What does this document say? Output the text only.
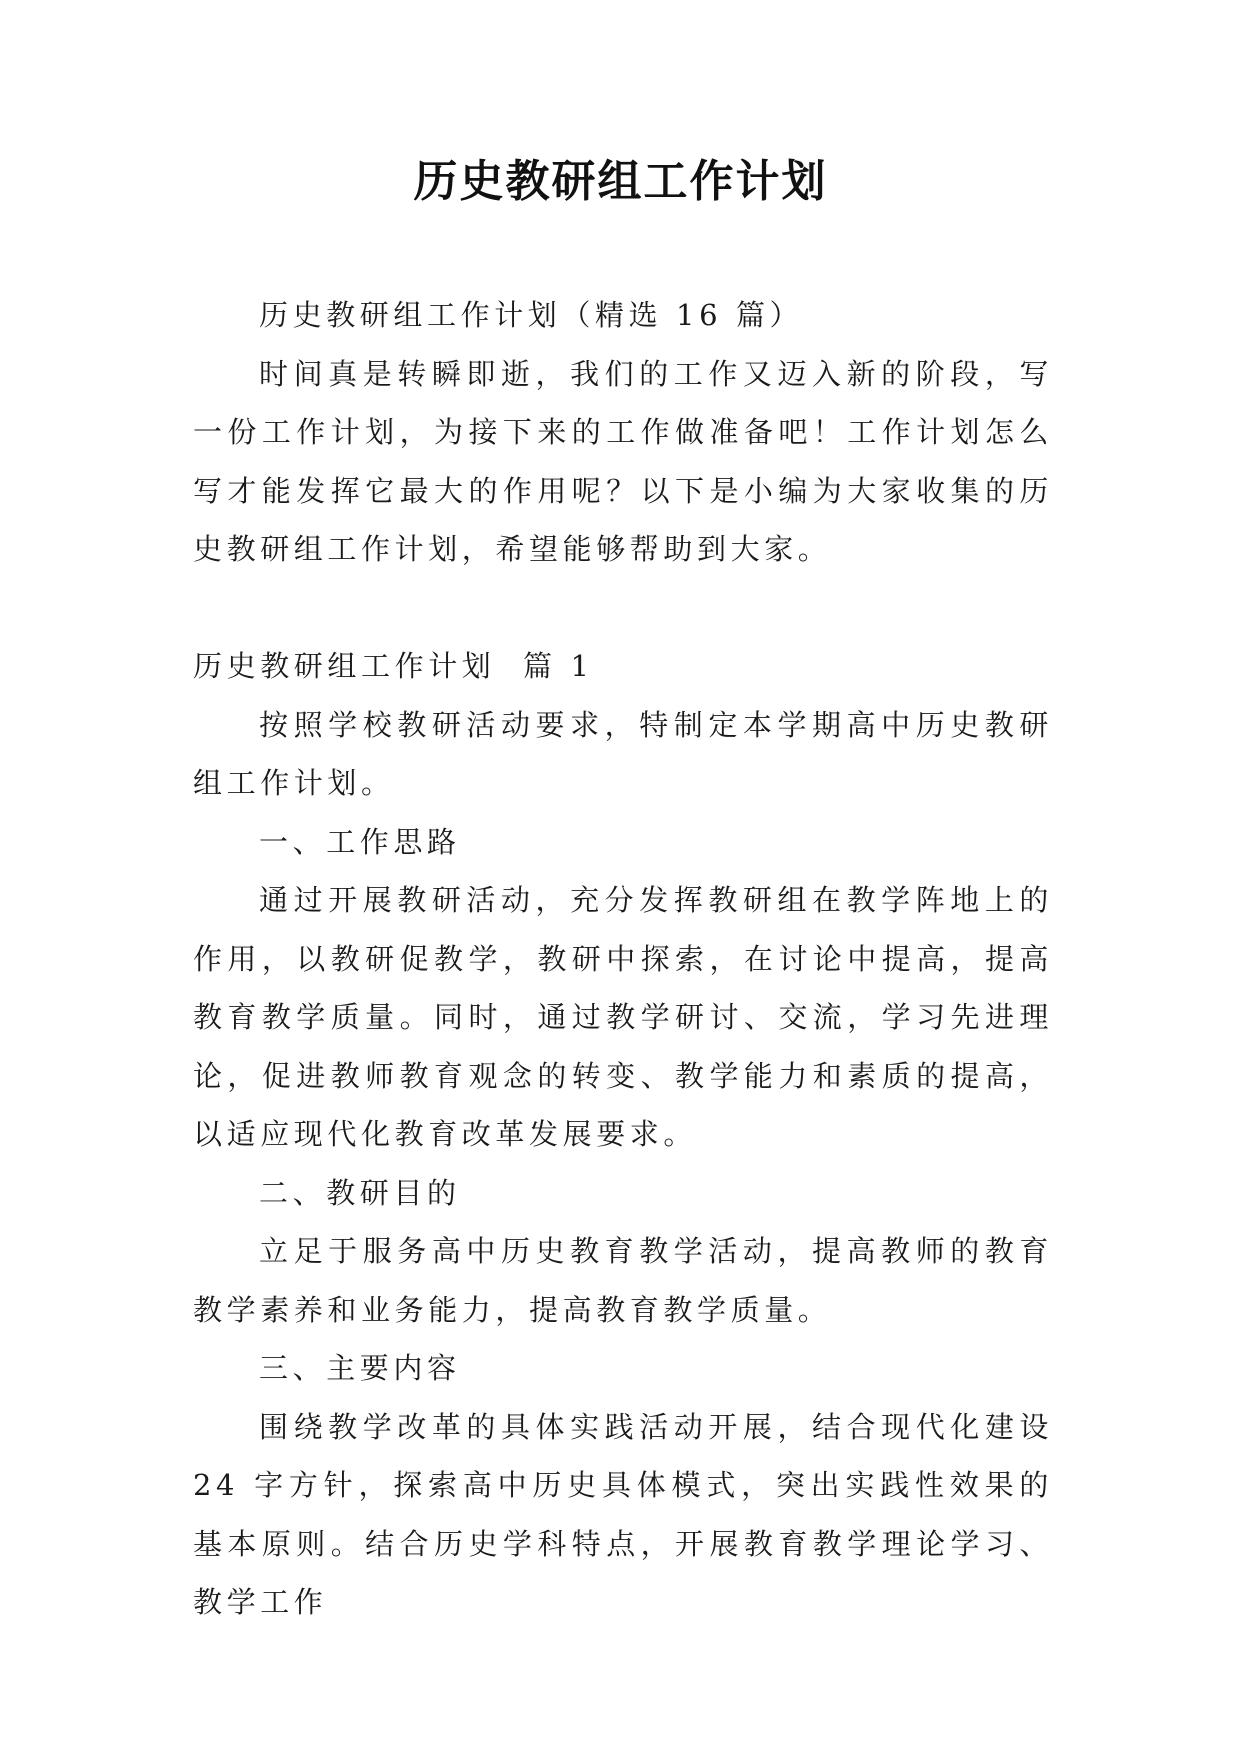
历史教研组工作计划

历史教研组工作计划（精选 16 篇）

时间真是转瞬即逝，我们的工作又迈入新的阶段，写一份工作计划，为接下来的工作做准备吧！工作计划怎么写才能发挥它最大的作用呢？以下是小编为大家收集的历史教研组工作计划，希望能够帮助到大家。

历史教研组工作计划  篇 1

按照学校教研活动要求，特制定本学期高中历史教研组工作计划。

一、工作思路

通过开展教研活动，充分发挥教研组在教学阵地上的作用，以教研促教学，教研中探索，在讨论中提高，提高教育教学质量。同时，通过教学研讨、交流，学习先进理论，促进教师教育观念的转变、教学能力和素质的提高，以适应现代化教育改革发展要求。

二、教研目的

立足于服务高中历史教育教学活动，提高教师的教育教学素养和业务能力，提高教育教学质量。

三、主要内容

围绕教学改革的具体实践活动开展，结合现代化建设 24 字方针，探索高中历史具体模式，突出实践性效果的基本原则。结合历史学科特点，开展教育教学理论学习、教学工作
